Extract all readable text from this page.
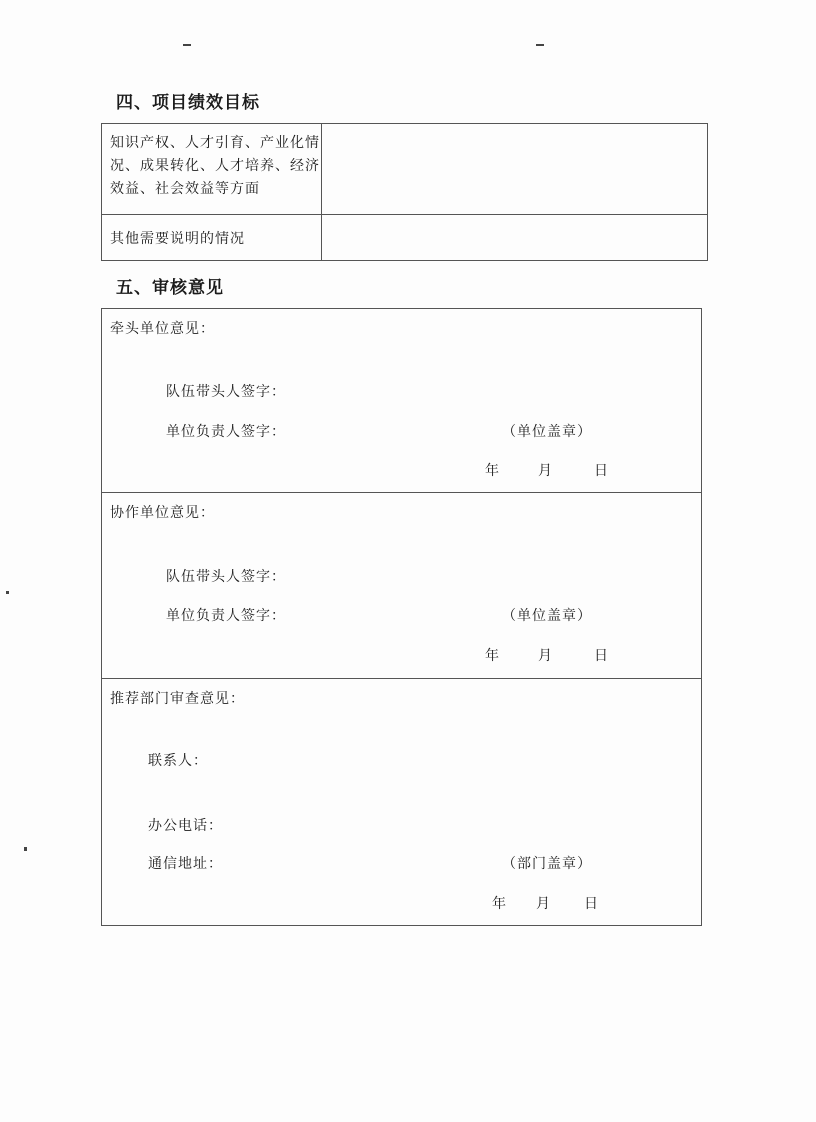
四、项目绩效目标
知识产权、人才引育、产业化情
况、成果转化、人才培养、经济
效益、社会效益等方面
其他需要说明的情况
五、审核意见
牵头单位意见：
队伍带头人签字：
单位负责人签字：	（单位盖章）
年	月	日
协作单位意见：
队伍带头人签字：
单位负责人签字：	（单位盖章）
年	月	日
推荐部门审查意见：
联系人：
办公电话：
通信地址：	（部门盖章）
年 月 日
